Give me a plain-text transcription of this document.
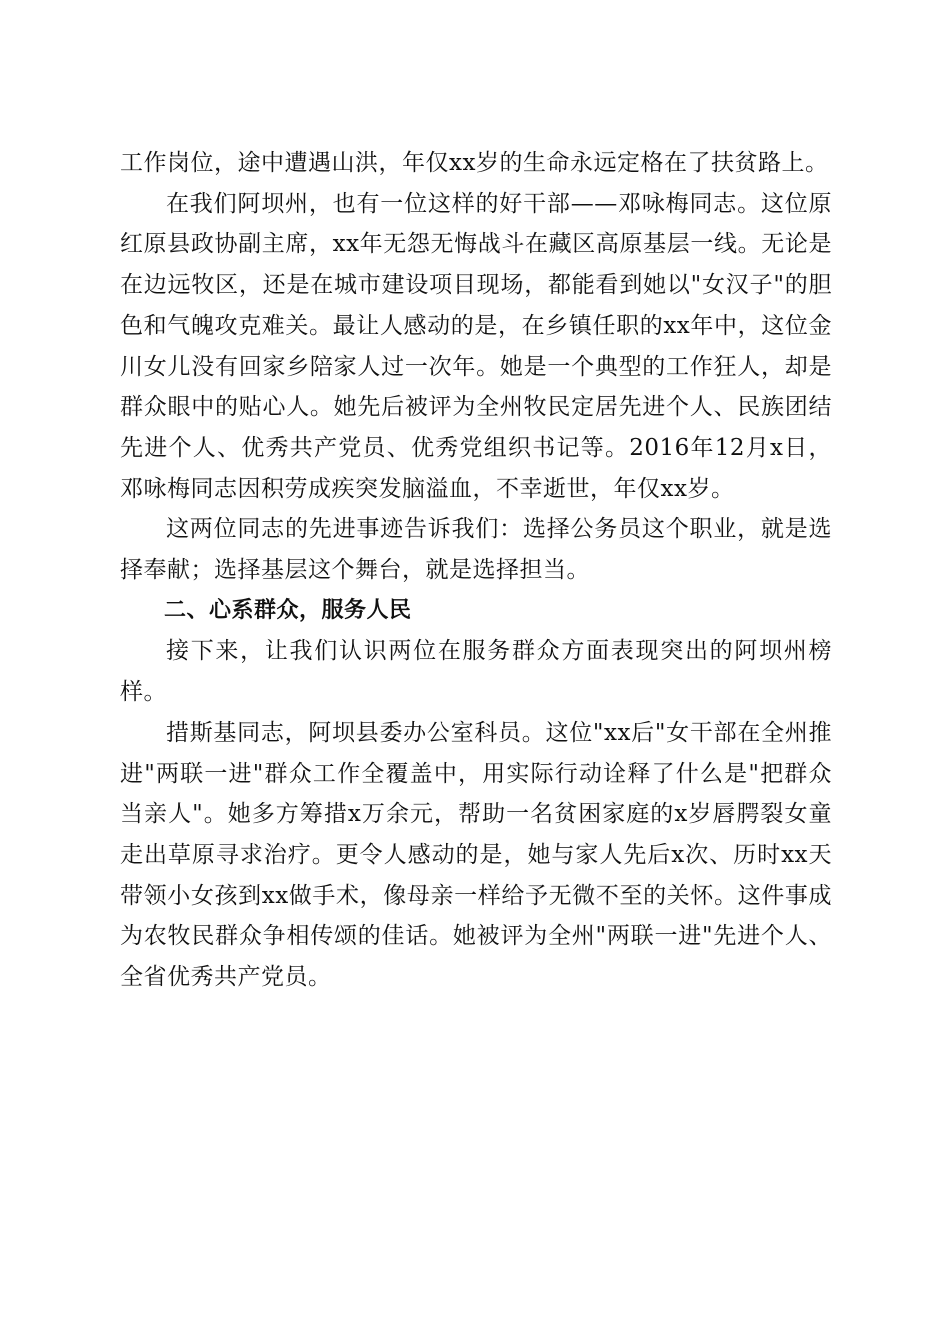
工作岗位，途中遭遇山洪，年仅xx岁的生命永远定格在了扶贫路上。

在我们阿坝州，也有一位这样的好干部——邓咏梅同志。这位原红原县政协副主席，xx年无怨无悔战斗在藏区高原基层一线。无论是在边远牧区，还是在城市建设项目现场，都能看到她以"女汉子"的胆色和气魄攻克难关。最让人感动的是，在乡镇任职的xx年中，这位金川女儿没有回家乡陪家人过一次年。她是一个典型的工作狂人，却是群众眼中的贴心人。她先后被评为全州牧民定居先进个人、民族团结先进个人、优秀共产党员、优秀党组织书记等。2016年12月x日，邓咏梅同志因积劳成疾突发脑溢血，不幸逝世，年仅xx岁。

这两位同志的先进事迹告诉我们：选择公务员这个职业，就是选择奉献；选择基层这个舞台，就是选择担当。

二、心系群众，服务人民

接下来，让我们认识两位在服务群众方面表现突出的阿坝州榜样。

措斯基同志，阿坝县委办公室科员。这位"xx后"女干部在全州推进"两联一进"群众工作全覆盖中，用实际行动诠释了什么是"把群众当亲人"。她多方筹措x万余元，帮助一名贫困家庭的x岁唇腭裂女童走出草原寻求治疗。更令人感动的是，她与家人先后x次、历时xx天带领小女孩到xx做手术，像母亲一样给予无微不至的关怀。这件事成为农牧民群众争相传颂的佳话。她被评为全州"两联一进"先进个人、全省优秀共产党员。
